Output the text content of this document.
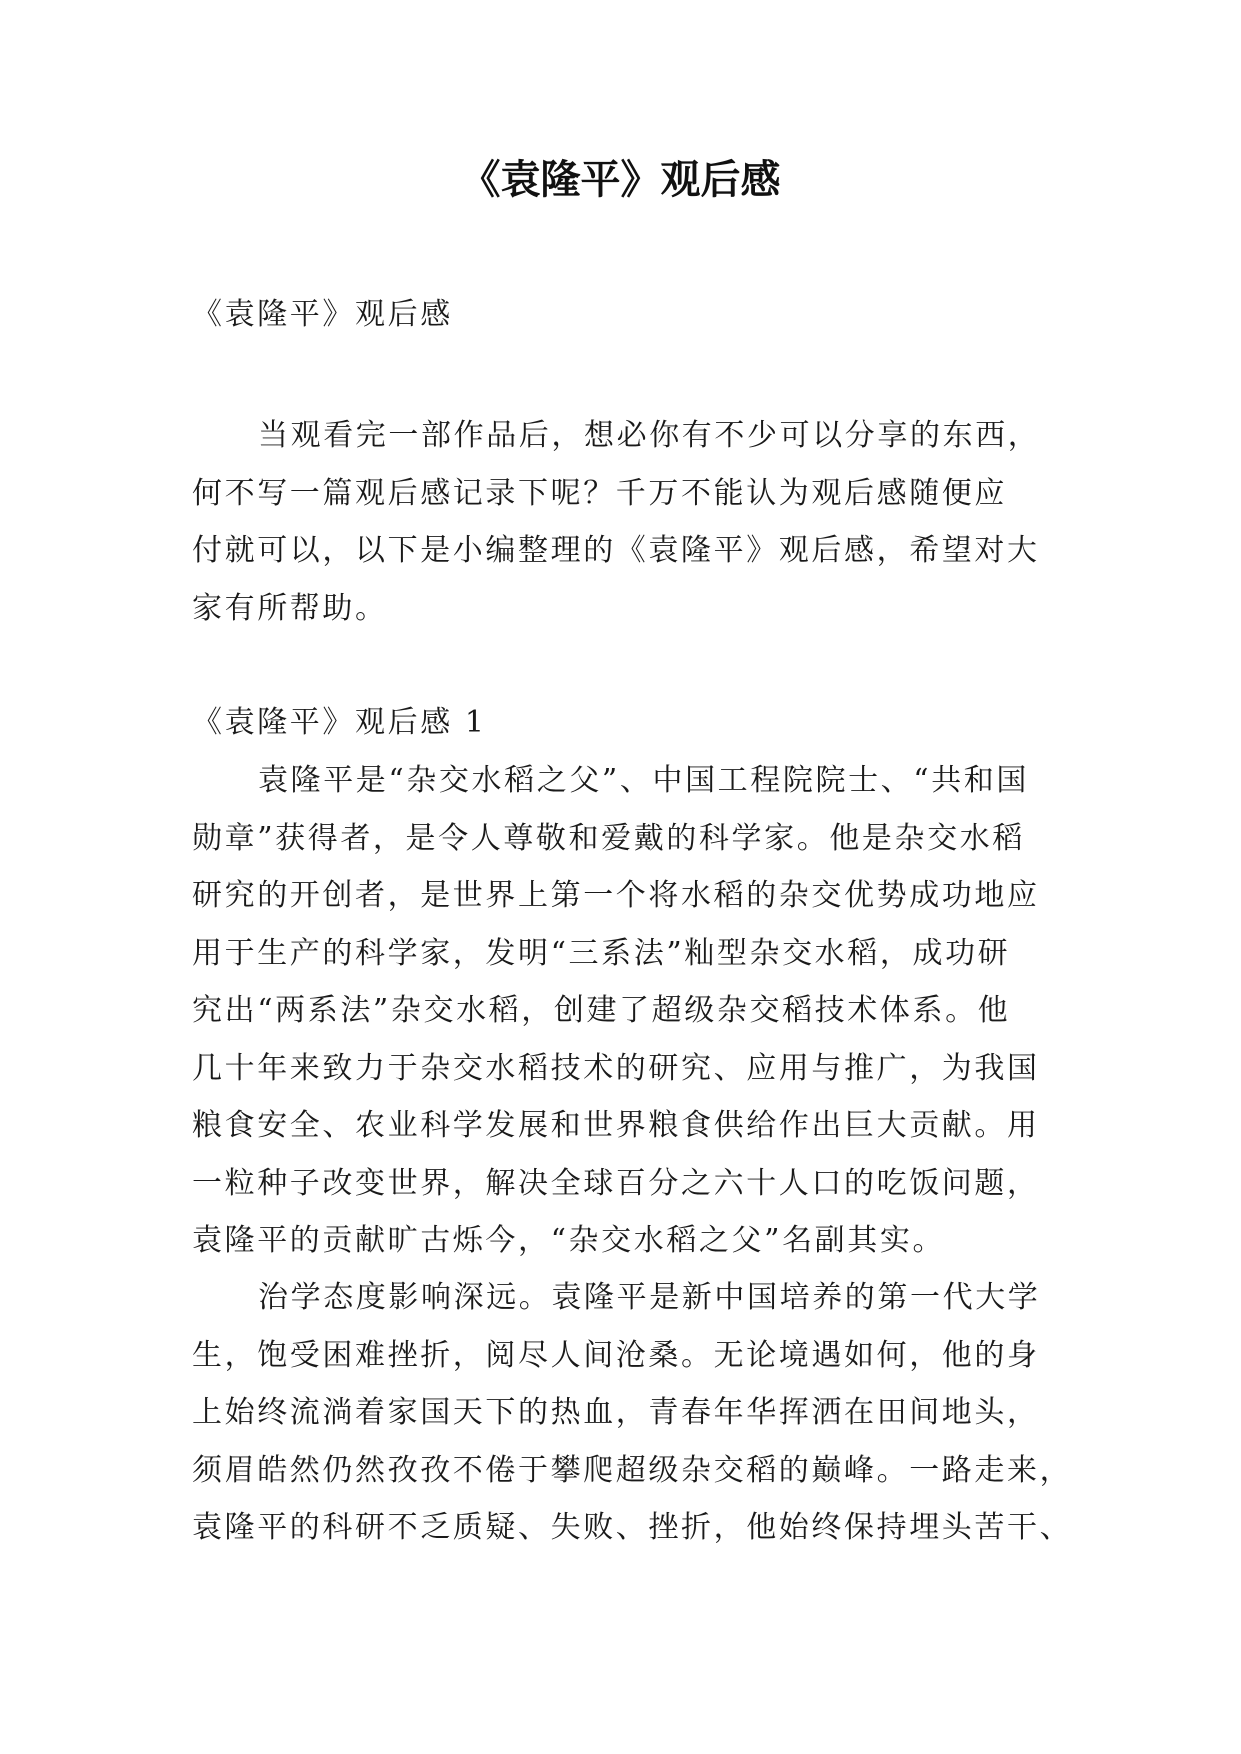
《袁隆平》观后感

《袁隆平》观后感

当观看完一部作品后，想必你有不少可以分享的东西，
何不写一篇观后感记录下呢？千万不能认为观后感随便应
付就可以，以下是小编整理的《袁隆平》观后感，希望对大
家有所帮助。

《袁隆平》观后感 1

袁隆平是“杂交水稻之父”、中国工程院院士、“共和国
勋章”获得者，是令人尊敬和爱戴的科学家。他是杂交水稻
研究的开创者，是世界上第一个将水稻的杂交优势成功地应
用于生产的科学家，发明“三系法”籼型杂交水稻，成功研
究出“两系法”杂交水稻，创建了超级杂交稻技术体系。他
几十年来致力于杂交水稻技术的研究、应用与推广，为我国
粮食安全、农业科学发展和世界粮食供给作出巨大贡献。用
一粒种子改变世界，解决全球百分之六十人口的吃饭问题，
袁隆平的贡献旷古烁今，“杂交水稻之父”名副其实。
治学态度影响深远。袁隆平是新中国培养的第一代大学
生，饱受困难挫折，阅尽人间沧桑。无论境遇如何，他的身
上始终流淌着家国天下的热血，青春年华挥洒在田间地头，
须眉皓然仍然孜孜不倦于攀爬超级杂交稻的巅峰。一路走来，
袁隆平的科研不乏质疑、失败、挫折，他始终保持埋头苦干、
